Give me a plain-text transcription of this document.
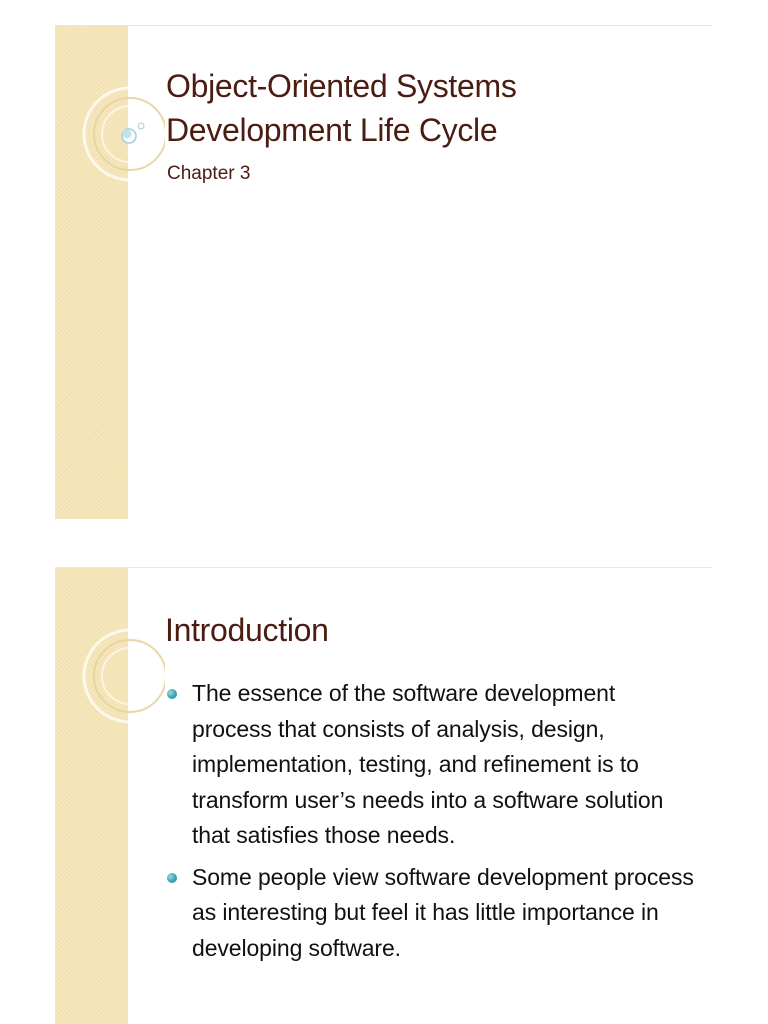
Object-Oriented Systems
Development Life Cycle

Chapter 3

Introduction
The essence of the software development process that consists of analysis, design, implementation, testing, and refinement is to transform user’s needs into a software solution that satisfies those needs.
Some people view software development process as interesting but feel it has little importance in developing software.
